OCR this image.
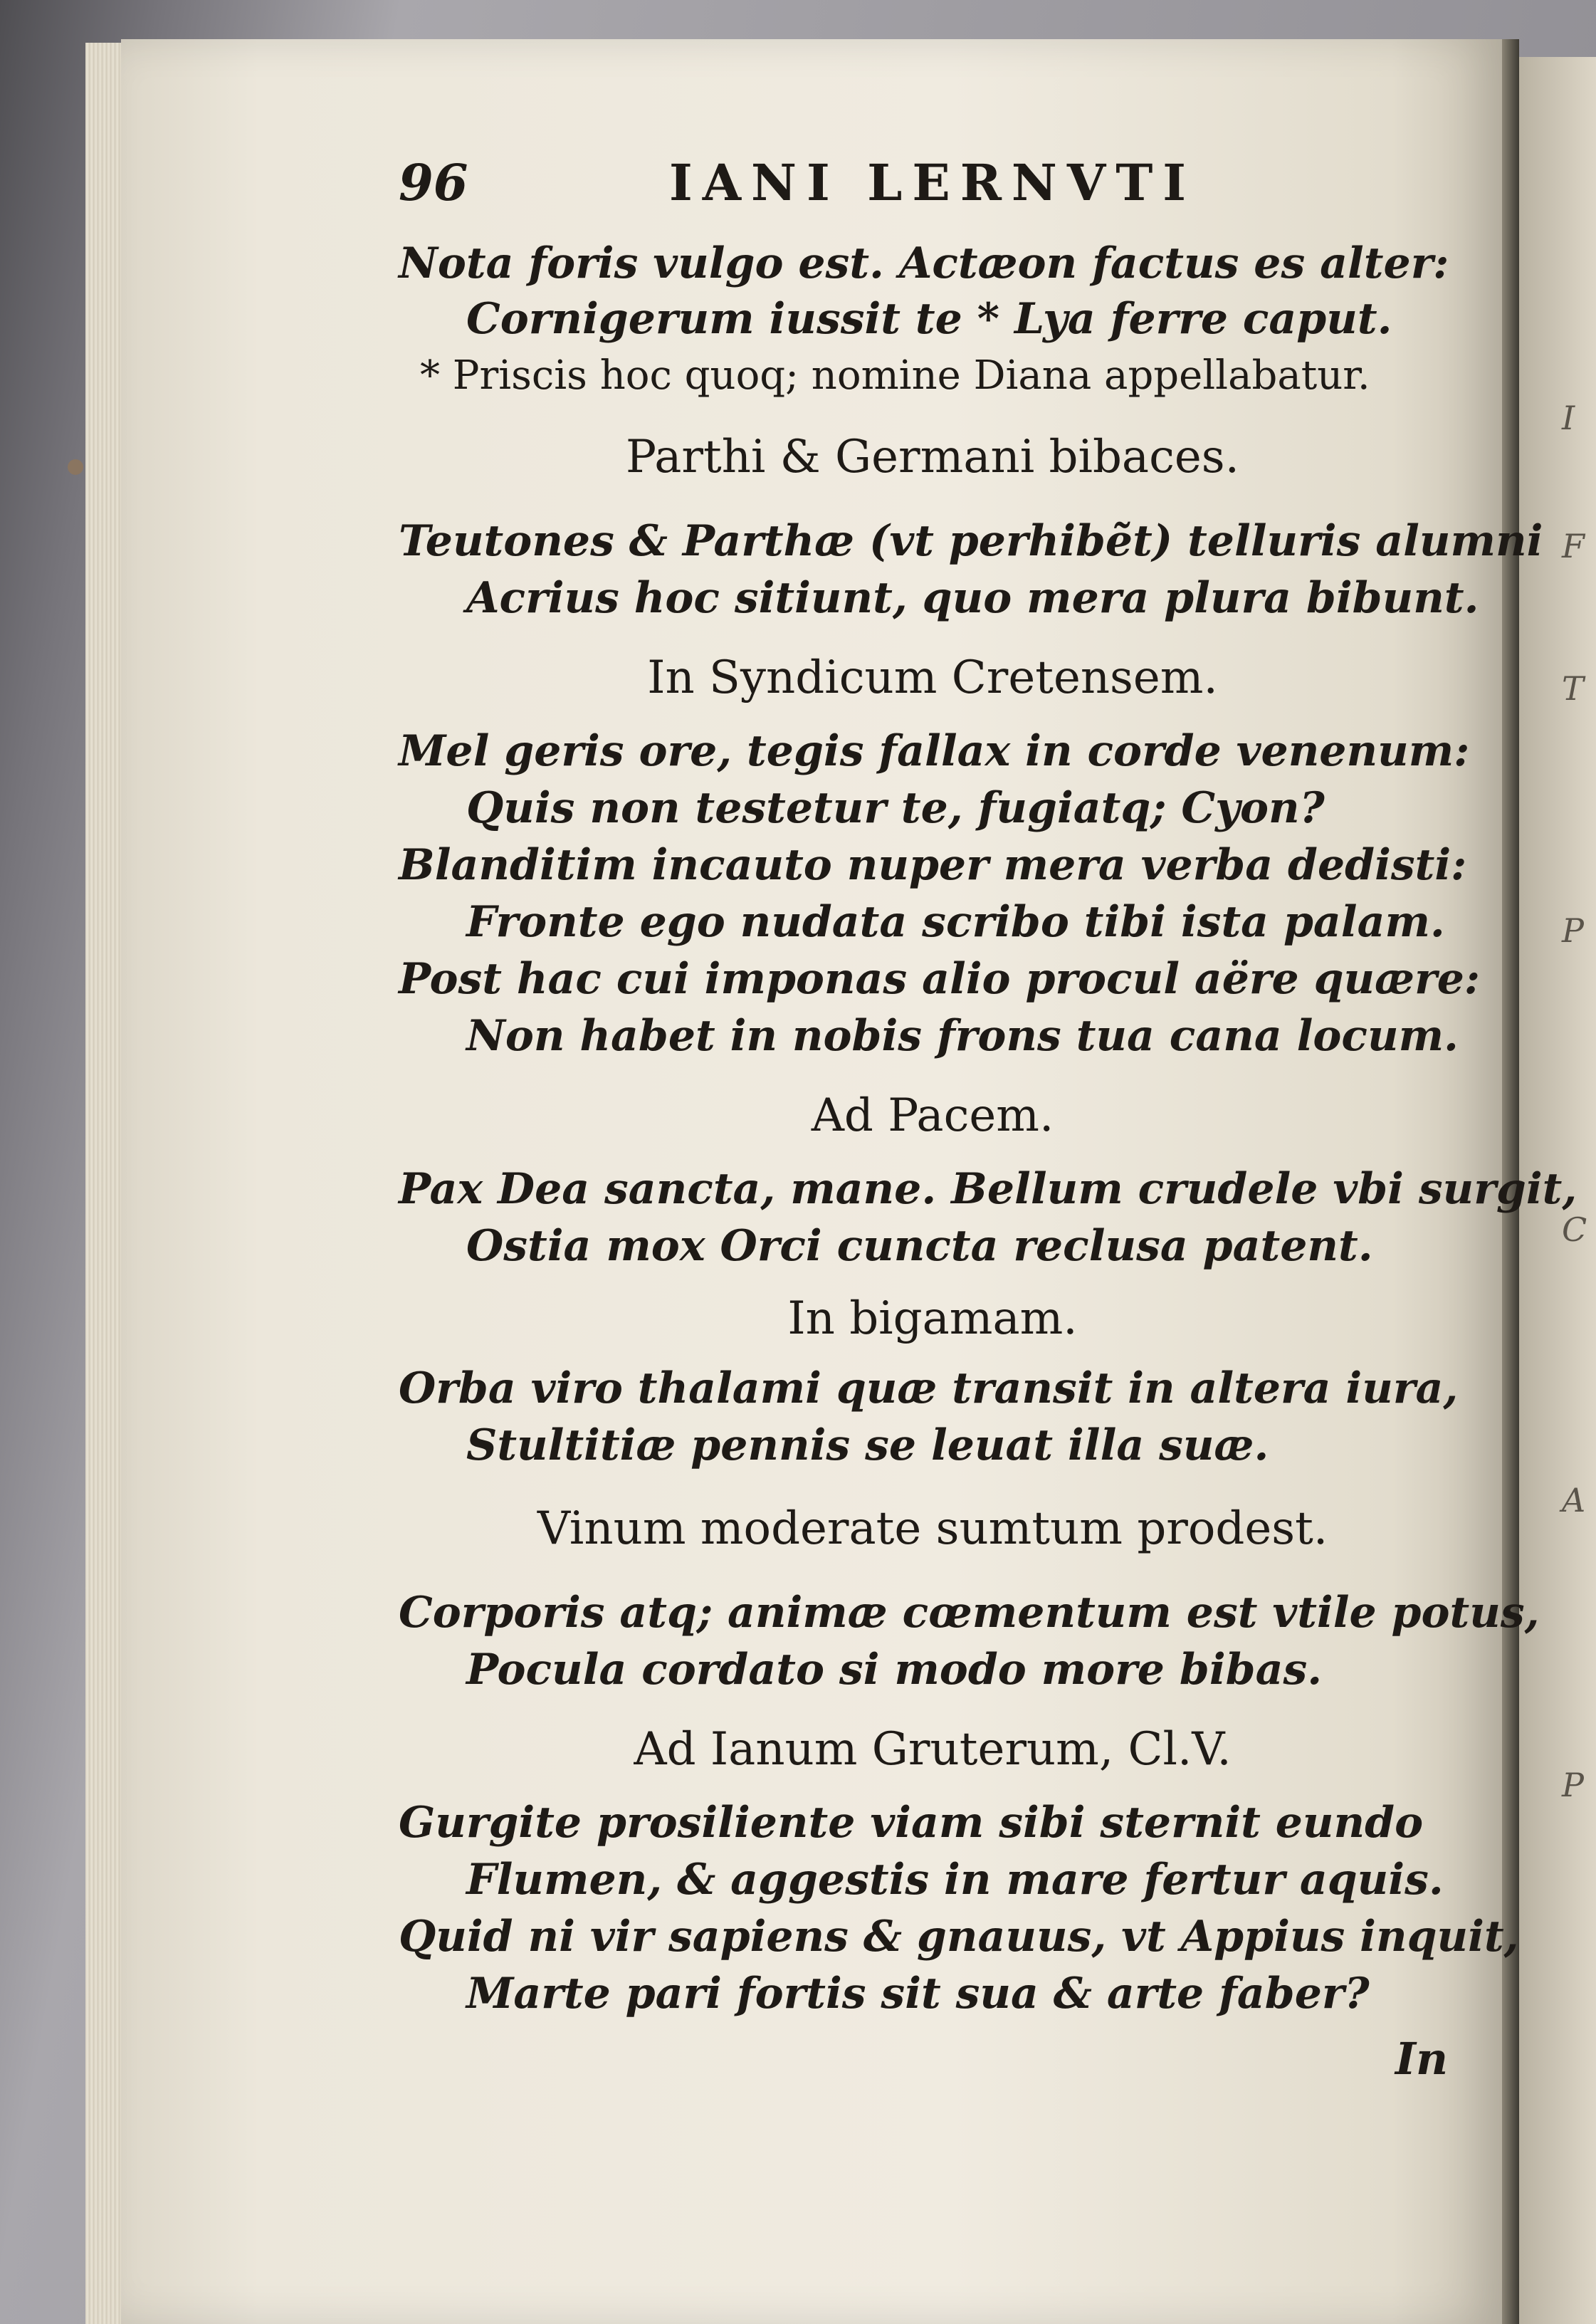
I
F
T
P
C
A
P
96	IANI LERNVTI
Nota foris vulgo est. Actæon factus es alter:
Cornigerum iussit te * Lya ferre caput.
* Priscis hoc quoq; nomine Diana appellabatur.
Parthi & Germani bibaces.
Teutones & Parthæ (vt perhibẽt) telluris alumni
Acrius hoc sitiunt, quo mera plura bibunt.
In Syndicum Cretensem.
Mel geris ore, tegis fallax in corde venenum:
Quis non testetur te, fugiatq; Cyon?
Blanditim incauto nuper mera verba dedisti:
Fronte ego nudata scribo tibi ista palam.
Post hac cui imponas alio procul aëre quære:
Non habet in nobis frons tua cana locum.
Ad Pacem.
Pax Dea sancta, mane. Bellum crudele vbi surgit,
Ostia mox Orci cuncta reclusa patent.
In bigamam.
Orba viro thalami quæ transit in altera iura,
Stultitiæ pennis se leuat illa suæ.
Vinum moderate sumtum prodest.
Corporis atq; animæ cœmentum est vtile potus,
Pocula cordato si modo more bibas.
Ad Ianum Gruterum, Cl.V.
Gurgite prosiliente viam sibi sternit eundo
Flumen, & aggestis in mare fertur aquis.
Quid ni vir sapiens & gnauus, vt Appius inquit,
Marte pari fortis sit sua & arte faber?
In
